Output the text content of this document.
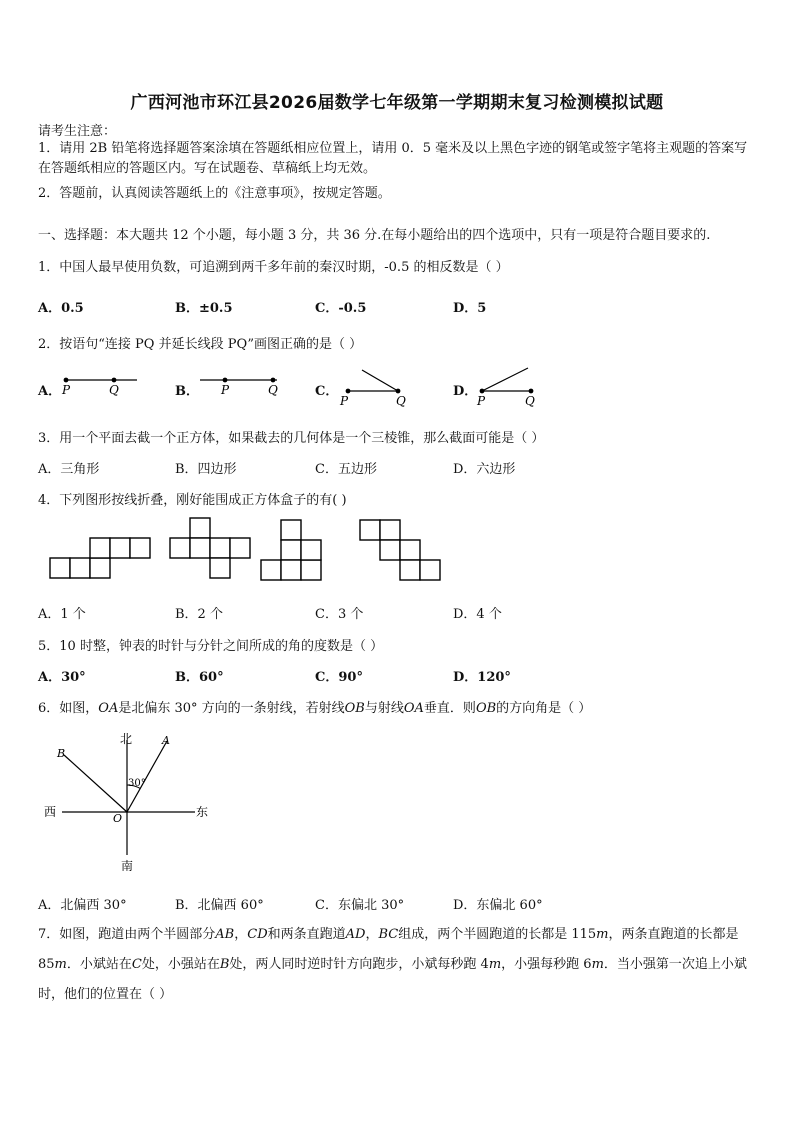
广西河池市环江县2026届数学七年级第一学期期末复习检测模拟试题
请考生注意：
1．请用 2B 铅笔将选择题答案涂填在答题纸相应位置上，请用 0．5 毫米及以上黑色字迹的钢笔或签字笔将主观题的答案写在答题纸相应的答题区内。写在试题卷、草稿纸上均无效。
2．答题前，认真阅读答题纸上的《注意事项》，按规定答题。
一、选择题：本大题共 12 个小题，每小题 3 分，共 36 分.在每小题给出的四个选项中，只有一项是符合题目要求的.
1．中国人最早使用负数，可追溯到两千多年前的秦汉时期，-0.5 的相反数是（ ）
A．0.5	B．±0.5	C．-0.5	D．5
2．按语句“连接 PQ 并延长线段 PQ”画图正确的是（ ）
A．	B．	C．	D．
P	Q	P	Q
P	Q	P	Q
3．用一个平面去截一个正方体，如果截去的几何体是一个三棱锥，那么截面可能是（ ）
A．三角形	B．四边形	C．五边形	D．六边形
4．下列图形按线折叠，刚好能围成正方体盒子的有( )
A．1 个	B．2 个	C．3 个	D．4 个
5．10 时整，钟表的时针与分针之间所成的角的度数是（ ）
A．30°	B．60°	C．90°	D．120°
6．如图，OA是北偏东 30° 方向的一条射线，若射线OB与射线OA垂直．则OB的方向角是（ ）
北
南
东
西
A
B
O
30°
A．北偏西 30°	B．北偏西 60°	C．东偏北 30°	D．东偏北 60°
7．如图，跑道由两个半圆部分AB，CD和两条直跑道AD，BC组成，两个半圆跑道的长都是 115m，两条直跑道的长都是 85m．小斌站在C处，小强站在B处，两人同时逆时针方向跑步，小斌每秒跑 4m，小强每秒跑 6m．当小强第一次追上小斌时，他们的位置在（ ）
